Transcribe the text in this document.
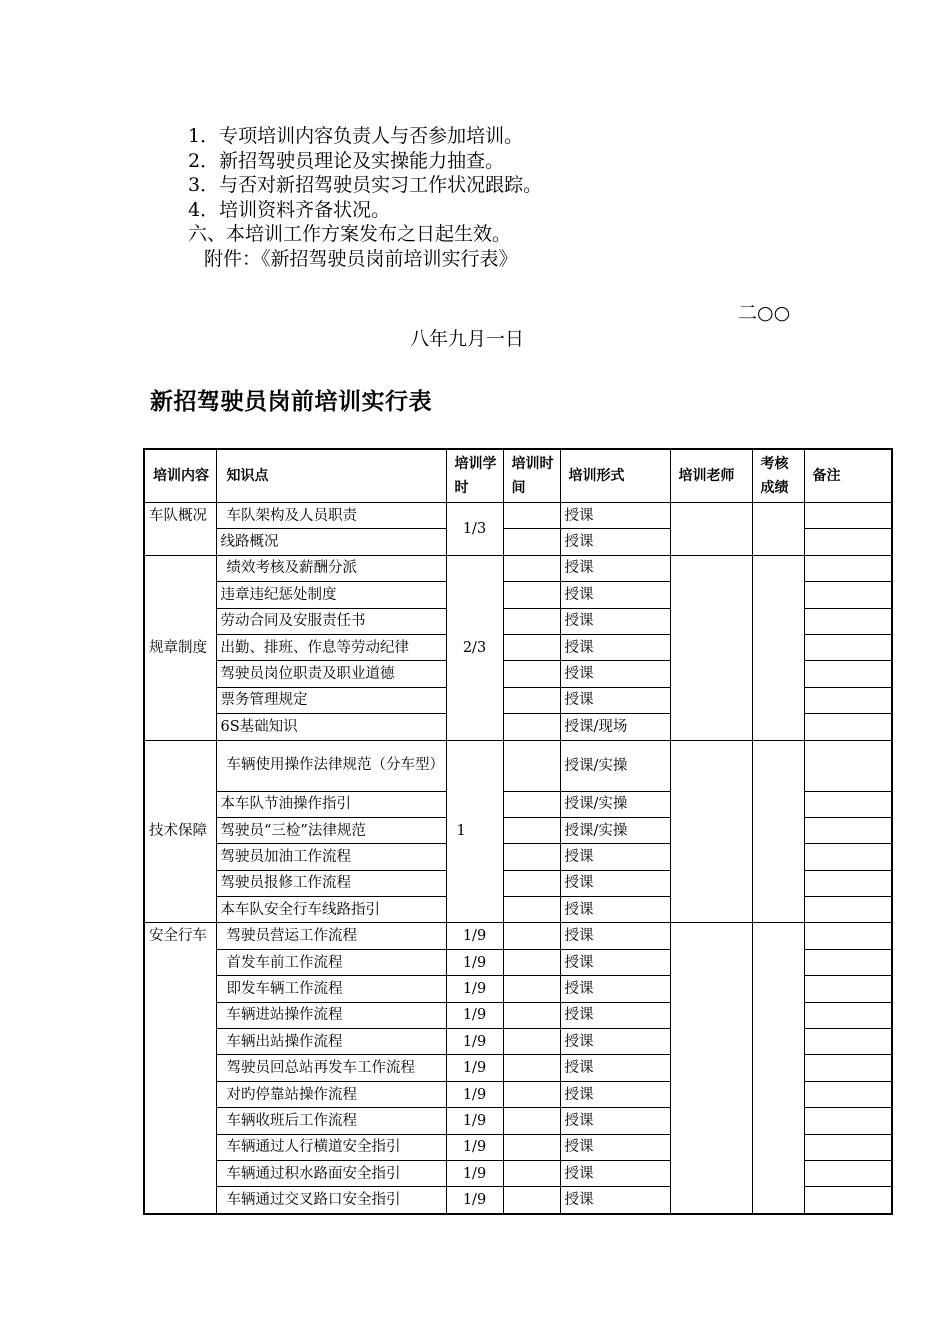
1．专项培训内容负责人与否参加培训。
2．新招驾驶员理论及实操能力抽查。
3．与否对新招驾驶员实习工作状况跟踪。
4．培训资料齐备状况。
六、本培训工作方案发布之日起生效。
附件：《新招驾驶员岗前培训实行表》
二○○
八年九月一日
新招驾驶员岗前培训实行表
培训内容	知识点	培训学时	培训时间	培训形式	培训老师	考核成绩	备注
车队概况	车队架构及人员职责	1/3		授课			
	线路概况			授课			
规章制度	绩效考核及薪酬分派	2/3		授课			
	违章违纪惩处制度			授课			
	劳动合同及安服责任书			授课			
	出勤、排班、作息等劳动纪律			授课			
	驾驶员岗位职责及职业道德			授课			
	票务管理规定			授课			
	6S基础知识			授课/现场			
技术保障	车辆使用操作法律规范（分车型）	1		授课/实操			
	本车队节油操作指引			授课/实操			
	驾驶员“三检”法律规范			授课/实操			
	驾驶员加油工作流程			授课			
	驾驶员报修工作流程			授课			
	本车队安全行车线路指引			授课			
安全行车	驾驶员营运工作流程	1/9		授课			
	首发车前工作流程	1/9		授课			
	即发车辆工作流程	1/9		授课			
	车辆进站操作流程	1/9		授课			
	车辆出站操作流程	1/9		授课			
	驾驶员回总站再发车工作流程	1/9		授课			
	对旳停靠站操作流程	1/9		授课			
	车辆收班后工作流程	1/9		授课			
	车辆通过人行横道安全指引	1/9		授课			
	车辆通过积水路面安全指引	1/9		授课			
	车辆通过交叉路口安全指引	1/9		授课			
